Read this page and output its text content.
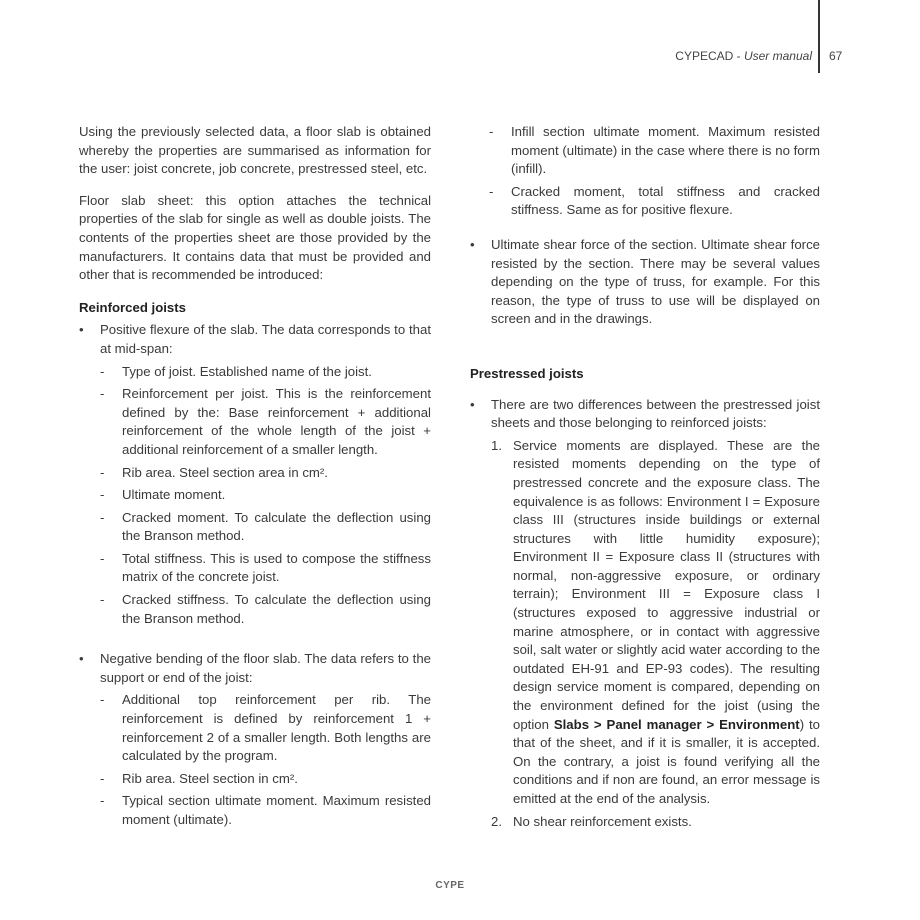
CYPECAD - User manual 67

Using the previously selected data, a floor slab is obtained whereby the properties are summarised as information for the user: joist concrete, job concrete, prestressed steel, etc.

Floor slab sheet: this option attaches the technical properties of the slab for single as well as double joists. The contents of the properties sheet are those provided by the manufacturers. It contains data that must be provided and other that is recommended be introduced:

Reinforced joists
• Positive flexure of the slab. The data corresponds to that at mid-span:
- Type of joist. Established name of the joist.
- Reinforcement per joist. This is the reinforcement defined by the: Base reinforcement + additional reinforcement of the whole length of the joist + additional reinforcement of a smaller length.
- Rib area. Steel section area in cm².
- Ultimate moment.
- Cracked moment. To calculate the deflection using the Branson method.
- Total stiffness. This is used to compose the stiffness matrix of the concrete joist.
- Cracked stiffness. To calculate the deflection using the Branson method.
• Negative bending of the floor slab. The data refers to the support or end of the joist:
- Additional top reinforcement per rib. The reinforcement is defined by reinforcement 1 + reinforcement 2 of a smaller length. Both lengths are calculated by the program.
- Rib area. Steel section in cm².
- Typical section ultimate moment. Maximum resisted moment (ultimate).
- Infill section ultimate moment. Maximum resisted moment (ultimate) in the case where there is no form (infill).
- Cracked moment, total stiffness and cracked stiffness. Same as for positive flexure.
• Ultimate shear force of the section. Ultimate shear force resisted by the section. There may be several values depending on the type of truss, for example. For this reason, the type of truss to use will be displayed on screen and in the drawings.
Prestressed joists
• There are two differences between the prestressed joist sheets and those belonging to reinforced joists:
1. Service moments are displayed. These are the resisted moments depending on the type of prestressed concrete and the exposure class. The equivalence is as follows: Environment I = Exposure class III (structures inside buildings or external structures with little humidity exposure); Environment II = Exposure class II (structures with normal, non-aggressive exposure, or ordinary terrain); Environment III = Exposure class I (structures exposed to aggressive industrial or marine atmosphere, or in contact with aggressive soil, salt water or slightly acid water according to the outdated EH-91 and EP-93 codes). The resulting design service moment is compared, depending on the environment defined for the joist (using the option Slabs > Panel manager > Environment) to that of the sheet, and if it is smaller, it is accepted. On the contrary, a joist is found verifying all the conditions and if non are found, an error message is emitted at the end of the analysis.
2. No shear reinforcement exists.
CYPE
